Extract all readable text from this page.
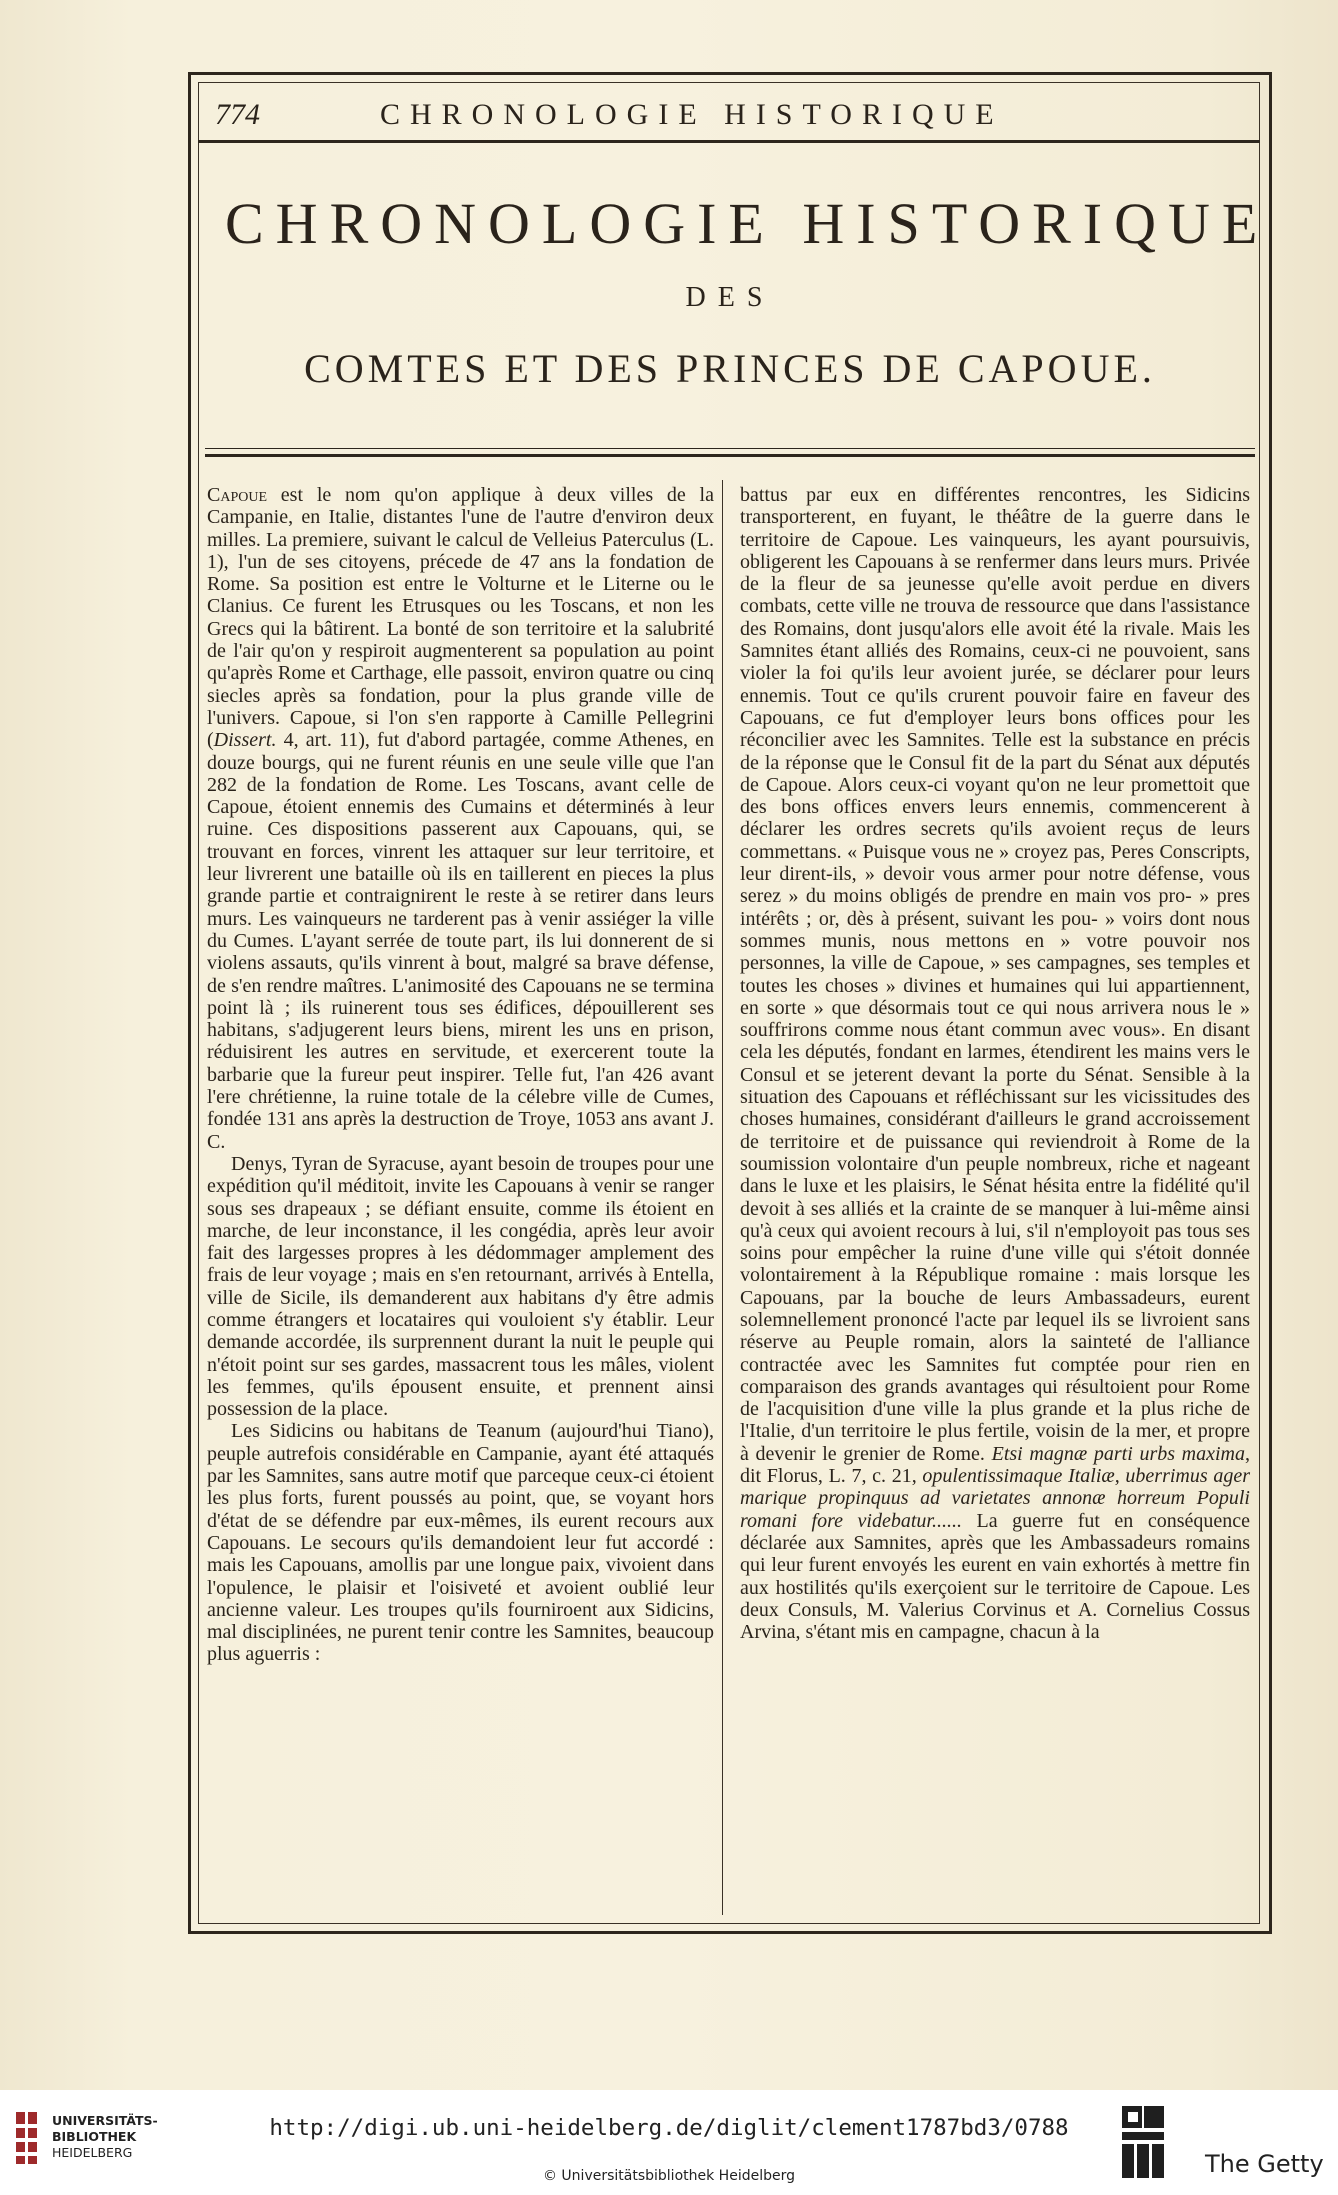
774	CHRONOLOGIE HISTORIQUE
CHRONOLOGIE HISTORIQUE
DES
COMTES ET DES PRINCES DE CAPOUE.

Capoue est le nom qu'on applique à deux villes de la Campanie, en Italie, distantes l'une de l'autre d'environ deux milles. La premiere, suivant le calcul de Velleius Paterculus (L. 1), l'un de ses citoyens, précede de 47 ans la fondation de Rome. Sa position est entre le Volturne et le Literne ou le Clanius. Ce furent les Etrusques ou les Toscans, et non les Grecs qui la bâtirent. La bonté de son territoire et la salubrité de l'air qu'on y respiroit augmenterent sa population au point qu'après Rome et Carthage, elle passoit, environ quatre ou cinq siecles après sa fondation, pour la plus grande ville de l'univers. Capoue, si l'on s'en rapporte à Camille Pellegrini (Dissert. 4, art. 11), fut d'abord partagée, comme Athenes, en douze bourgs, qui ne furent réunis en une seule ville que l'an 282 de la fondation de Rome. Les Toscans, avant celle de Capoue, étoient ennemis des Cumains et déterminés à leur ruine. Ces dispositions passerent aux Capouans, qui, se trouvant en forces, vinrent les attaquer sur leur territoire, et leur livrerent une bataille où ils en taillerent en pieces la plus grande partie et contraignirent le reste à se retirer dans leurs murs. Les vainqueurs ne tarderent pas à venir assiéger la ville du Cumes. L'ayant serrée de toute part, ils lui donnerent de si violens assauts, qu'ils vinrent à bout, malgré sa brave défense, de s'en rendre maîtres. L'animosité des Capouans ne se termina point là ; ils ruinerent tous ses édifices, dépouillerent ses habitans, s'adjugerent leurs biens, mirent les uns en prison, réduisirent les autres en servitude, et exercerent toute la barbarie que la fureur peut inspirer. Telle fut, l'an 426 avant l'ere chrétienne, la ruine totale de la célebre ville de Cumes, fondée 131 ans après la destruction de Troye, 1053 ans avant J. C.

Denys, Tyran de Syracuse, ayant besoin de troupes pour une expédition qu'il méditoit, invite les Capouans à venir se ranger sous ses drapeaux ; se défiant ensuite, comme ils étoient en marche, de leur inconstance, il les congédia, après leur avoir fait des largesses propres à les dédommager amplement des frais de leur voyage ; mais en s'en retournant, arrivés à Entella, ville de Sicile, ils demanderent aux habitans d'y être admis comme étrangers et locataires qui vouloient s'y établir. Leur demande accordée, ils surprennent durant la nuit le peuple qui n'étoit point sur ses gardes, massacrent tous les mâles, violent les femmes, qu'ils épousent ensuite, et prennent ainsi possession de la place.

Les Sidicins ou habitans de Teanum (aujourd'hui Tiano), peuple autrefois considérable en Campanie, ayant été attaqués par les Samnites, sans autre motif que parceque ceux-ci étoient les plus forts, furent poussés au point, que, se voyant hors d'état de se défendre par eux-mêmes, ils eurent recours aux Capouans. Le secours qu'ils demandoient leur fut accordé : mais les Capouans, amollis par une longue paix, vivoient dans l'opulence, le plaisir et l'oisiveté et avoient oublié leur ancienne valeur. Les troupes qu'ils fourniroent aux Sidicins, mal disciplinées, ne purent tenir contre les Samnites, beaucoup plus aguerris :

battus par eux en différentes rencontres, les Sidicins transporterent, en fuyant, le théâtre de la guerre dans le territoire de Capoue. Les vainqueurs, les ayant poursuivis, obligerent les Capouans à se renfermer dans leurs murs. Privée de la fleur de sa jeunesse qu'elle avoit perdue en divers combats, cette ville ne trouva de ressource que dans l'assistance des Romains, dont jusqu'alors elle avoit été la rivale. Mais les Samnites étant alliés des Romains, ceux-ci ne pouvoient, sans violer la foi qu'ils leur avoient jurée, se déclarer pour leurs ennemis. Tout ce qu'ils crurent pouvoir faire en faveur des Capouans, ce fut d'employer leurs bons offices pour les réconcilier avec les Samnites. Telle est la substance en précis de la réponse que le Consul fit de la part du Sénat aux députés de Capoue. Alors ceux-ci voyant qu'on ne leur promettoit que des bons offices envers leurs ennemis, commencerent à déclarer les ordres secrets qu'ils avoient reçus de leurs commettans. « Puisque vous ne » croyez pas, Peres Conscripts, leur dirent-ils, » devoir vous armer pour notre défense, vous serez » du moins obligés de prendre en main vos pro- » pres intérêts ; or, dès à présent, suivant les pou- » voirs dont nous sommes munis, nous mettons en » votre pouvoir nos personnes, la ville de Capoue, » ses campagnes, ses temples et toutes les choses » divines et humaines qui lui appartiennent, en sorte » que désormais tout ce qui nous arrivera nous le » souffrirons comme nous étant commun avec vous». En disant cela les députés, fondant en larmes, étendirent les mains vers le Consul et se jeterent devant la porte du Sénat. Sensible à la situation des Capouans et réfléchissant sur les vicissitudes des choses humaines, considérant d'ailleurs le grand accroissement de territoire et de puissance qui reviendroit à Rome de la soumission volontaire d'un peuple nombreux, riche et nageant dans le luxe et les plaisirs, le Sénat hésita entre la fidélité qu'il devoit à ses alliés et la crainte de se manquer à lui-même ainsi qu'à ceux qui avoient recours à lui, s'il n'employoit pas tous ses soins pour empêcher la ruine d'une ville qui s'étoit donnée volontairement à la République romaine : mais lorsque les Capouans, par la bouche de leurs Ambassadeurs, eurent solemnellement prononcé l'acte par lequel ils se livroient sans réserve au Peuple romain, alors la sainteté de l'alliance contractée avec les Samnites fut comptée pour rien en comparaison des grands avantages qui résultoient pour Rome de l'acquisition d'une ville la plus grande et la plus riche de l'Italie, d'un territoire le plus fertile, voisin de la mer, et propre à devenir le grenier de Rome. Etsi magnæ parti urbs maxima, dit Florus, L. 7, c. 21, opulentissimaque Italiæ, uberrimus ager marique propinquus ad varietates annonæ horreum Populi romani fore videbatur...... La guerre fut en conséquence déclarée aux Samnites, après que les Ambassadeurs romains qui leur furent envoyés les eurent en vain exhortés à mettre fin aux hostilités qu'ils exerçoient sur le territoire de Capoue. Les deux Consuls, M. Valerius Corvinus et A. Cornelius Cossus Arvina, s'étant mis en campagne, chacun à la

UNIVERSITÄTS-
BIBLIOTHEK
HEIDELBERG
http://digi.ub.uni-heidelberg.de/diglit/clement1787bd3/0788
© Universitätsbibliothek Heidelberg	The Getty
